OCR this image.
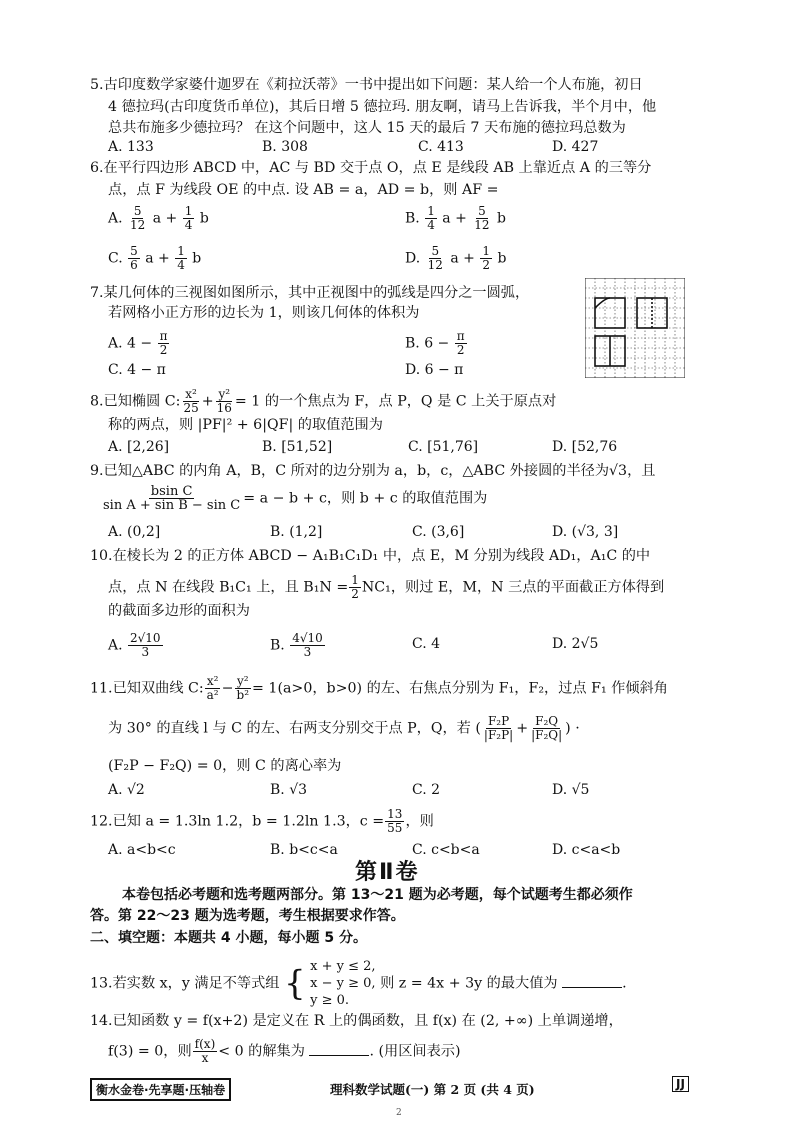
5.古印度数学家婆什迦罗在《莉拉沃蒂》一书中提出如下问题：某人给一个人布施，初日
4 德拉玛(古印度货币单位)，其后日增 5 德拉玛. 朋友啊，请马上告诉我，半个月中，他
总共布施多少德拉玛？ 在这个问题中，这人 15 天的最后 7 天布施的德拉玛总数为
A. 133	B. 308	C. 413	D. 427
6.在平行四边形 ABCD 中，AC 与 BD 交于点 O，点 E 是线段 AB 上靠近点 A 的三等分
点，点 F 为线段 OE 的中点. 设 AB = a，AD = b，则 AF =
A. $\frac{5}{12}$ $a + \frac{1}{4}$ b	B. $\frac{1}{4}$ $a + \frac{5}{12}$ b
C. $\frac{5}{6}$ $a + \frac{1}{4}$ b	D. $\frac{5}{12}$ $a + \frac{1}{2}$ b
7.某几何体的三视图如图所示，其中正视图中的弧线是四分之一圆弧，
若网格小正方形的边长为 1，则该几何体的体积为
A. $4 - \frac{\pi}{2}$	B. $6 - \frac{\pi}{2}$
C. 4 − π	D. 6 − π
8.已知椭圆 C: $\frac{\text{x²}}{25} + \frac{\text{y²}}{16} = 1$ 的一个焦点为 F，点 P，Q 是 C 上关于原点对
称的两点，则 |PF|² + 6|QF| 的取值范围为
A. [2,26]	B. [51,52]	C. [51,76]	D. [52,76
9.已知△ABC 的内角 A，B，C 所对的边分别为 a，b，c，△ABC 外接圆的半径为√3，且
$\frac{\text{bsin C}}{\text{sin A + sin B − sin C}} = a - b + c$，则 b + c 的取值范围为
A. (0,2]	B. (1,2]	C. (3,6]	D. (√3, 3]
10.在棱长为 2 的正方体 ABCD − A₁B₁C₁D₁ 中，点 E，M 分别为线段 AD₁，A₁C 的中
点，点 N 在线段 B₁C₁ 上，且 $B_1N = \frac{1}{2} NC_1$，则过 E，M，N 三点的平面截正方体得到
的截面多边形的面积为
A. $\frac{2√10}{3}$	B. $\frac{4√10}{3}$	C. 4	D. 2√5
11.已知双曲线 C: $\frac{\text{x²}}{\text{a²}} - \frac{\text{y²}}{\text{b²}} = 1(a>0$，b>0) 的左、右焦点分别为 F₁，F₂，过点 F₁ 作倾斜角
为 30° 的直线 l 与 C 的左、右两支分别交于点 P，Q，若 ( $\frac{\text{F₂P}}{\text{|F₂P|}} + \frac{\text{F₂Q}}{\text{|F₂Q|}}$ ) ·
(F₂P − F₂Q) = 0，则 C 的离心率为
A. √2	B. √3	C. 2	D. √5
12.已知 a = 1.3ln 1.2，b = 1.2ln 1.3，$c = \frac{13}{55}$ ，则
A. a<b<c	B. b<c<a	C. c<b<a	D. c<a<b
第Ⅱ卷
本卷包括必考题和选考题两部分。第 13～21 题为必考题，每个试题考生都必须作
答。第 22～23 题为选考题，考生根据要求作答。
二、填空题：本题共 4 小题，每小题 5 分。
13.若实数 x，y 满足不等式组 { x + y ≤ 2,
x − y ≥ 0,
y ≥ 0.
则 z = 4x + 3y 的最大值为	.
14.已知函数 y = f(x+2) 是定义在 R 上的偶函数，且 f(x) 在 (2, +∞) 上单调递增，
f(3) = 0，则 $\frac{f(x)}{x} < 0$ 的解集为	. (用区间表示)
衡水金卷·先享题·压轴卷	理科数学试题(一) 第 2 页 (共 4 页)	JJ
2
